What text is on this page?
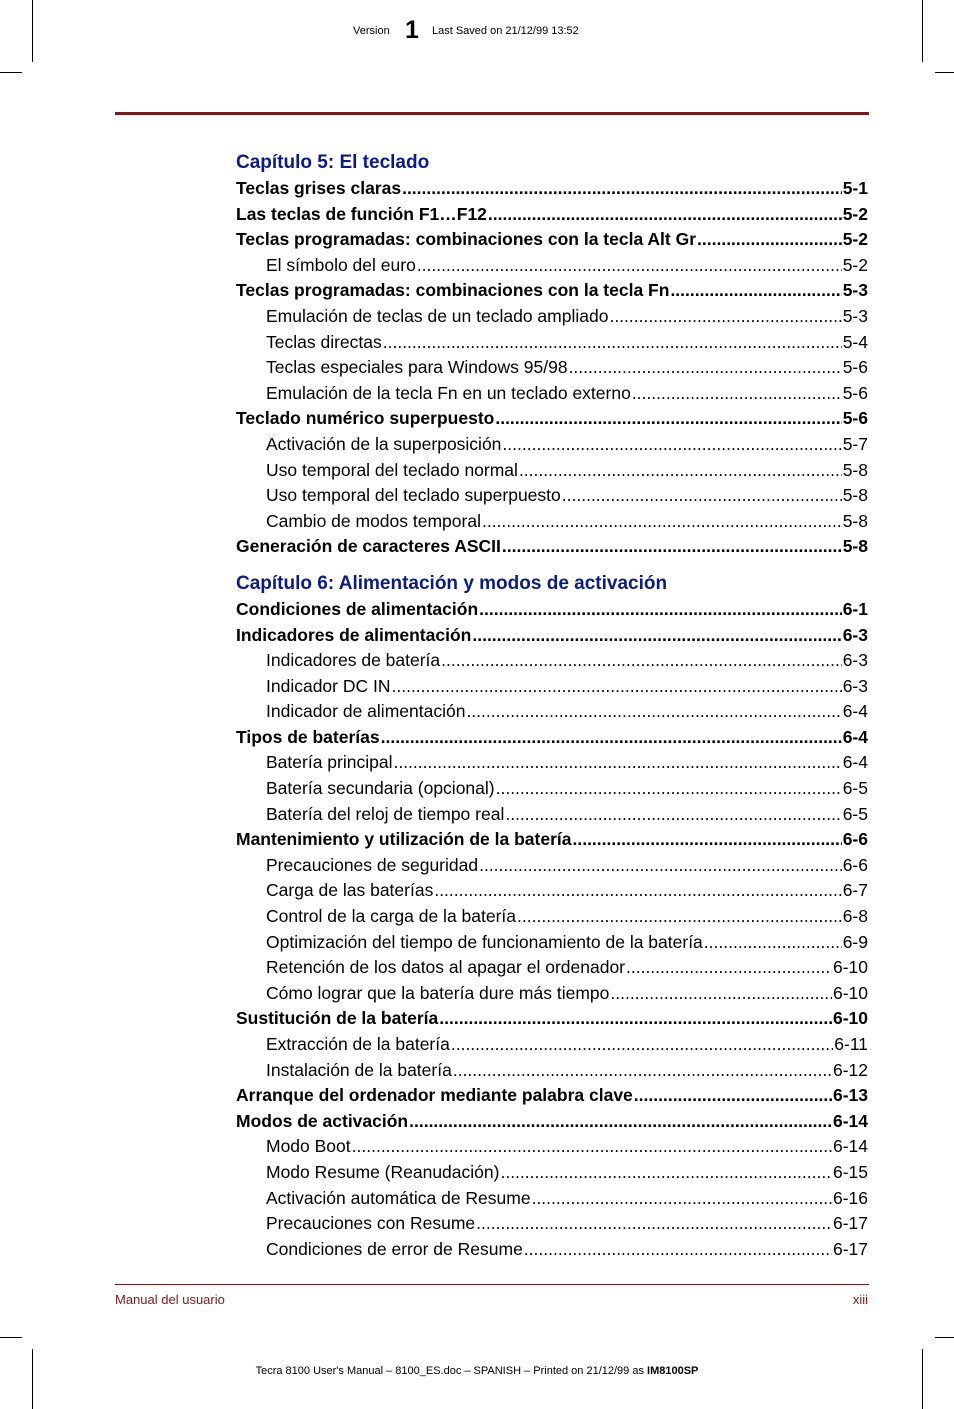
Version 1 Last Saved on 21/12/99 13:52
Capítulo 5: El teclado
Teclas grises claras .....	5-1
Las teclas de función F1…F12 .....	5-2
Teclas programadas: combinaciones con la tecla Alt Gr .....	5-2
El símbolo del euro .....	5-2
Teclas programadas: combinaciones con la tecla Fn .....	5-3
Emulación de teclas de un teclado ampliado .....	5-3
Teclas directas .....	5-4
Teclas especiales para Windows 95/98 .....	5-6
Emulación de la tecla Fn en un teclado externo .....	5-6
Teclado numérico superpuesto .....	5-6
Activación de la superposición .....	5-7
Uso temporal del teclado normal .....	5-8
Uso temporal del teclado superpuesto .....	5-8
Cambio de modos temporal .....	5-8
Generación de caracteres ASCII .....	5-8
Capítulo 6: Alimentación y modos de activación
Condiciones de alimentación .....	6-1
Indicadores de alimentación .....	6-3
Indicadores de batería .....	6-3
Indicador DC IN .....	6-3
Indicador de alimentación .....	6-4
Tipos de baterías .....	6-4
Batería principal .....	6-4
Batería secundaria (opcional) .....	6-5
Batería del reloj de tiempo real .....	6-5
Mantenimiento y utilización de la batería .....	6-6
Precauciones de seguridad .....	6-6
Carga de las baterías .....	6-7
Control de la carga de la batería .....	6-8
Optimización del tiempo de funcionamiento de la batería .....	6-9
Retención de los datos al apagar el ordenador .....	6-10
Cómo lograr que la batería dure más tiempo .....	6-10
Sustitución de la batería .....	6-10
Extracción de la batería .....	6-11
Instalación de la batería .....	6-12
Arranque del ordenador mediante palabra clave .....	6-13
Modos de activación .....	6-14
Modo Boot .....	6-14
Modo Resume (Reanudación) .....	6-15
Activación automática de Resume .....	6-16
Precauciones con Resume .....	6-17
Condiciones de error de Resume .....	6-17
Manual del usuario	xiii
Tecra 8100 User's Manual – 8100_ES.doc – SPANISH – Printed on 21/12/99 as IM8100SP
